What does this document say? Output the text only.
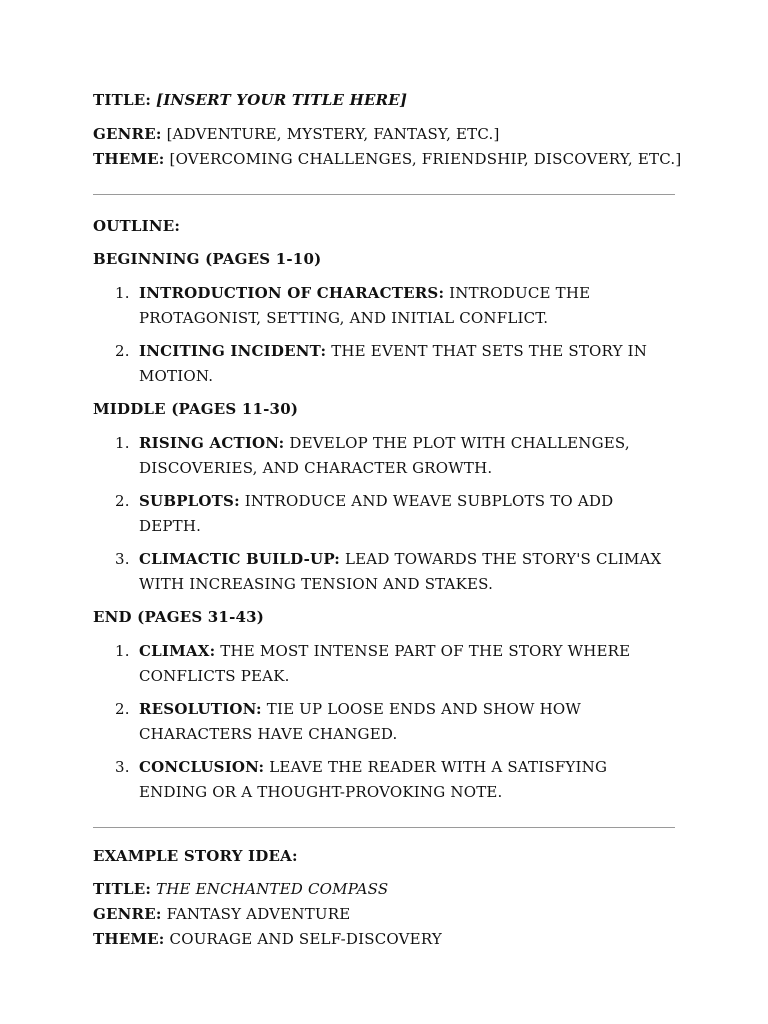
TITLE: [INSERT YOUR TITLE HERE]
GENRE: [ADVENTURE, MYSTERY, FANTASY, ETC.]
THEME: [OVERCOMING CHALLENGES, FRIENDSHIP, DISCOVERY, ETC.]
OUTLINE:
BEGINNING (PAGES 1-10)
1. INTRODUCTION OF CHARACTERS: INTRODUCE THE PROTAGONIST, SETTING, AND INITIAL CONFLICT.
2. INCITING INCIDENT: THE EVENT THAT SETS THE STORY IN MOTION.
MIDDLE (PAGES 11-30)
1. RISING ACTION: DEVELOP THE PLOT WITH CHALLENGES, DISCOVERIES, AND CHARACTER GROWTH.
2. SUBPLOTS: INTRODUCE AND WEAVE SUBPLOTS TO ADD DEPTH.
3. CLIMACTIC BUILD-UP: LEAD TOWARDS THE STORY'S CLIMAX WITH INCREASING TENSION AND STAKES.
END (PAGES 31-43)
1. CLIMAX: THE MOST INTENSE PART OF THE STORY WHERE CONFLICTS PEAK.
2. RESOLUTION: TIE UP LOOSE ENDS AND SHOW HOW CHARACTERS HAVE CHANGED.
3. CONCLUSION: LEAVE THE READER WITH A SATISFYING ENDING OR A THOUGHT-PROVOKING NOTE.
EXAMPLE STORY IDEA:
TITLE: THE ENCHANTED COMPASS
GENRE: FANTASY ADVENTURE
THEME: COURAGE AND SELF-DISCOVERY
